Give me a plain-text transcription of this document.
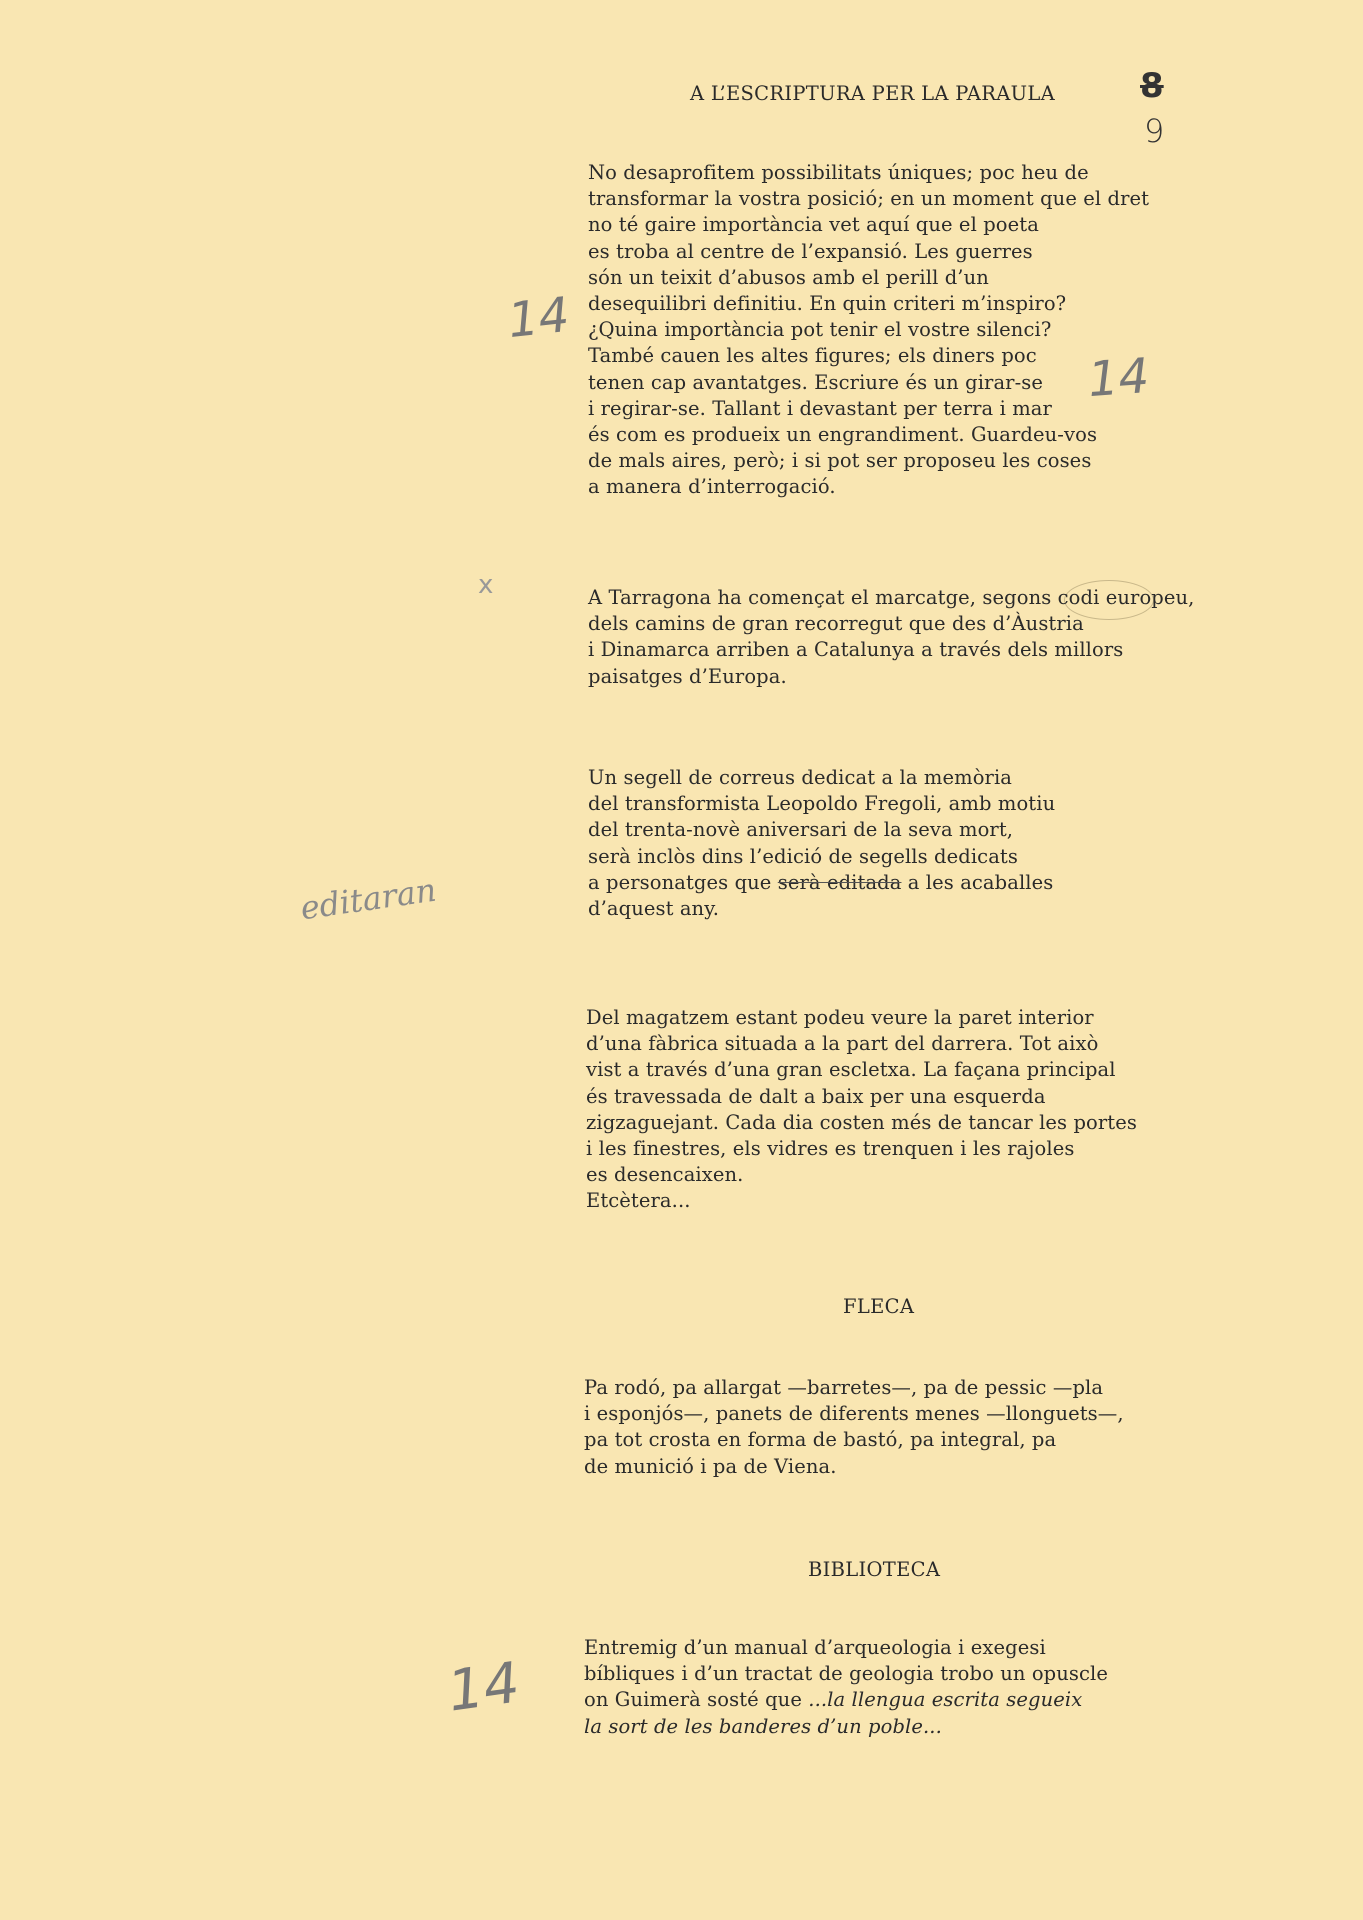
8
9
A L’ESCRIPTURA PER LA PARAULA
No desaprofitem possibilitats úniques; poc heu de
transformar la vostra posició; en un moment que el dret
no té gaire importància vet aquí que el poeta
es troba al centre de l’expansió. Les guerres
són un teixit d’abusos amb el perill d’un
desequilibri definitiu. En quin criteri m’inspiro?
¿Quina importància pot tenir el vostre silenci?
També cauen les altes figures; els diners poc
tenen cap avantatges. Escriure és un girar-se
i regirar-se. Tallant i devastant per terra i mar
és com es produeix un engrandiment. Guardeu-vos
de mals aires, però; i si pot ser proposeu les coses
a manera d’interrogació.
14
14
x	A Tarragona ha començat el marcatge, segons codi europeu,
dels camins de gran recorregut que des d’Àustria
i Dinamarca arriben a Catalunya a través dels millors
paisatges d’Europa.
Un segell de correus dedicat a la memòria
del transformista Leopoldo Fregoli, amb motiu
del trenta-novè aniversari de la seva mort,
serà inclòs dins l’edició de segells dedicats
a personatges que serà editada a les acaballes
d’aquest any.
editaran
Del magatzem estant podeu veure la paret interior
d’una fàbrica situada a la part del darrera. Tot això
vist a través d’una gran escletxa. La façana principal
és travessada de dalt a baix per una esquerda
zigzaguejant. Cada dia costen més de tancar les portes
i les finestres, els vidres es trenquen i les rajoles
es desencaixen.
Etcètera...
FLECA
Pa rodó, pa allargat —barretes—, pa de pessic —pla
i esponjós—, panets de diferents menes —llonguets—,
pa tot crosta en forma de bastó, pa integral, pa
de munició i pa de Viena.
BIBLIOTECA
Entremig d’un manual d’arqueologia i exegesi
bíbliques i d’un tractat de geologia trobo un opuscle
on Guimerà sosté que ...la llengua escrita segueix
la sort de les banderes d’un poble...
14
